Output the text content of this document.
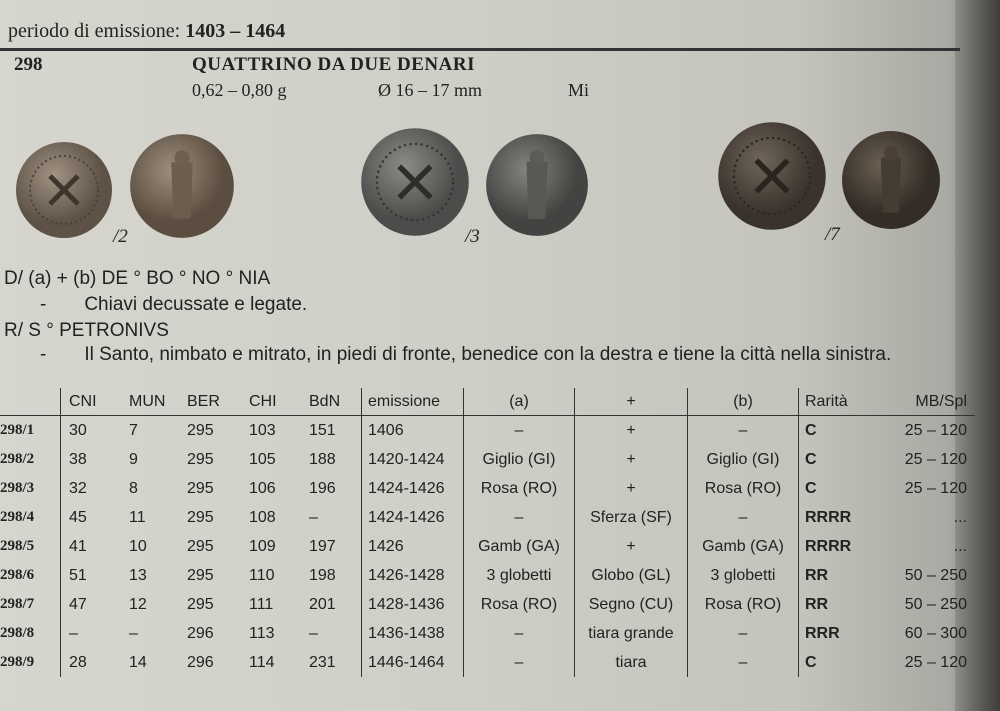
periodo di emissione: 1403 – 1464
298	QUATTRINO DA DUE DENARI
0,62 – 0,80 g	Ø 16 – 17 mm	Mi
/2	/3	/7
D/ (a) + (b) DE ° BO ° NO ° NIA
- Chiavi decussate e legate.
R/ S ° PETRONIVS
- Il Santo, nimbato e mitrato, in piedi di fronte, benedice con la destra e tiene la città nella sinistra.
	CNI	MUN	BER	CHI	BdN	emissione	(a)	+	(b)	Rarità	MB/Spl
298/1	30	7	295	103	151	1406	–	+	–	C	25 – 120
298/2	38	9	295	105	188	1420-1424	Giglio (GI)	+	Giglio (GI)	C	25 – 120
298/3	32	8	295	106	196	1424-1426	Rosa (RO)	+	Rosa (RO)	C	25 – 120
298/4	45	11	295	108	–	1424-1426	–	Sferza (SF)	–	RRRR	...
298/5	41	10	295	109	197	1426	Gamb (GA)	+	Gamb (GA)	RRRR	...
298/6	51	13	295	110	198	1426-1428	3 globetti	Globo (GL)	3 globetti	RR	50 – 250
298/7	47	12	295	111	201	1428-1436	Rosa (RO)	Segno (CU)	Rosa (RO)	RR	50 – 250
298/8	–	–	296	113	–	1436-1438	–	tiara grande	–	RRR	60 – 300
298/9	28	14	296	114	231	1446-1464	–	tiara	–	C	25 – 120
